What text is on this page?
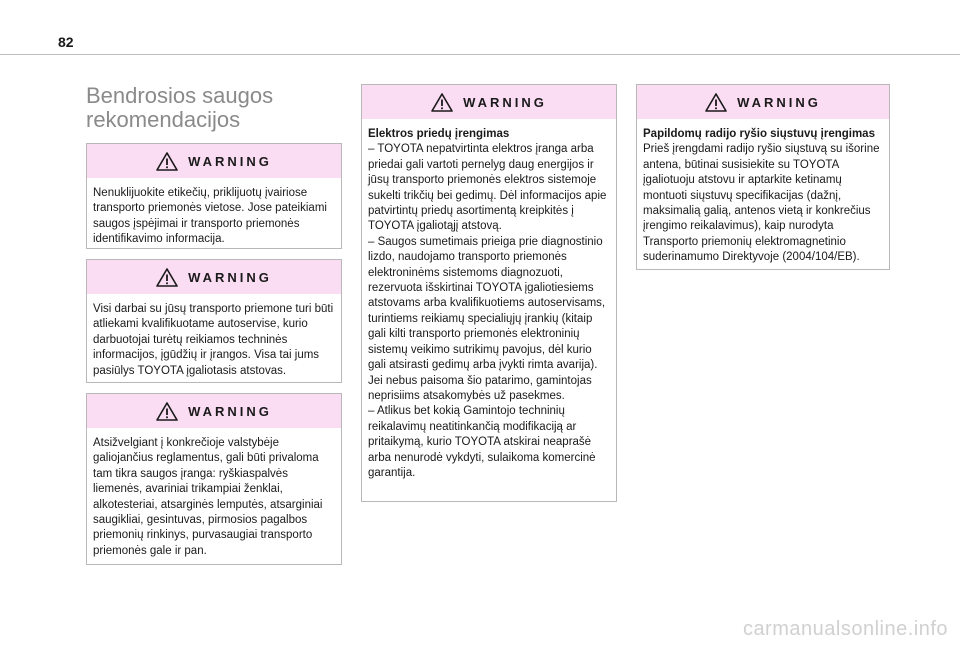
82
Bendrosios saugos rekomendacijos
WARNING

Nenuklijuokite etikečių, priklijuotų įvairiose transporto priemonės vietose. Jose pateikiami saugos įspėjimai ir transporto priemonės identifikavimo informacija.

WARNING

Visi darbai su jūsų transporto priemone turi būti atliekami kvalifikuotame autoservise, kurio darbuotojai turėtų reikiamos techninės informacijos, įgūdžių ir įrangos. Visa tai jums pasiūlys TOYOTA įgaliotasis atstovas.

WARNING

Atsižvelgiant į konkrečioje valstybėje galiojančius reglamentus, gali būti privaloma tam tikra saugos įranga: ryškiaspalvės liemenės, avariniai trikampiai ženklai, alkotesteriai, atsarginės lemputės, atsarginiai saugikliai, gesintuvas, pirmosios pagalbos priemonių rinkinys, purvasaugiai transporto priemonės gale ir pan.

WARNING

Elektros priedų įrengimas

– TOYOTA nepatvirtinta elektros įranga arba priedai gali vartoti pernelyg daug energijos ir jūsų transporto priemonės elektros sistemoje sukelti trikčių bei gedimų. Dėl informacijos apie patvirtintų priedų asortimentą kreipkitės į TOYOTA įgaliotąjį atstovą.

– Saugos sumetimais prieiga prie diagnostinio lizdo, naudojamo transporto priemonės elektroninėms sistemoms diagnozuoti, rezervuota išskirtinai TOYOTA įgaliotiesiems atstovams arba kvalifikuotiems autoservisams, turintiems reikiamų specialiųjų įrankių (kitaip gali kilti transporto priemonės elektroninių sistemų veikimo sutrikimų pavojus, dėl kurio gali atsirasti gedimų arba įvykti rimta avarija). Jei nebus paisoma šio patarimo, gamintojas neprisiims atsakomybės už pasekmes.

– Atlikus bet kokią Gamintojo techninių reikalavimų neatitinkančią modifikaciją ar pritaikymą, kurio TOYOTA atskirai neaprašė arba nenurodė vykdyti, sulaikoma komercinė garantija.

WARNING

Papildomų radijo ryšio siųstuvų įrengimas

Prieš įrengdami radijo ryšio siųstuvą su išorine antena, būtinai susisiekite su TOYOTA įgaliotuoju atstovu ir aptarkite ketinamų montuoti siųstuvų specifikacijas (dažnį, maksimalią galią, antenos vietą ir konkrečius įrengimo reikalavimus), kaip nurodyta Transporto priemonių elektromagnetinio suderinamumo Direktyvoje (2004/104/EB).

carmanualsonline.info
